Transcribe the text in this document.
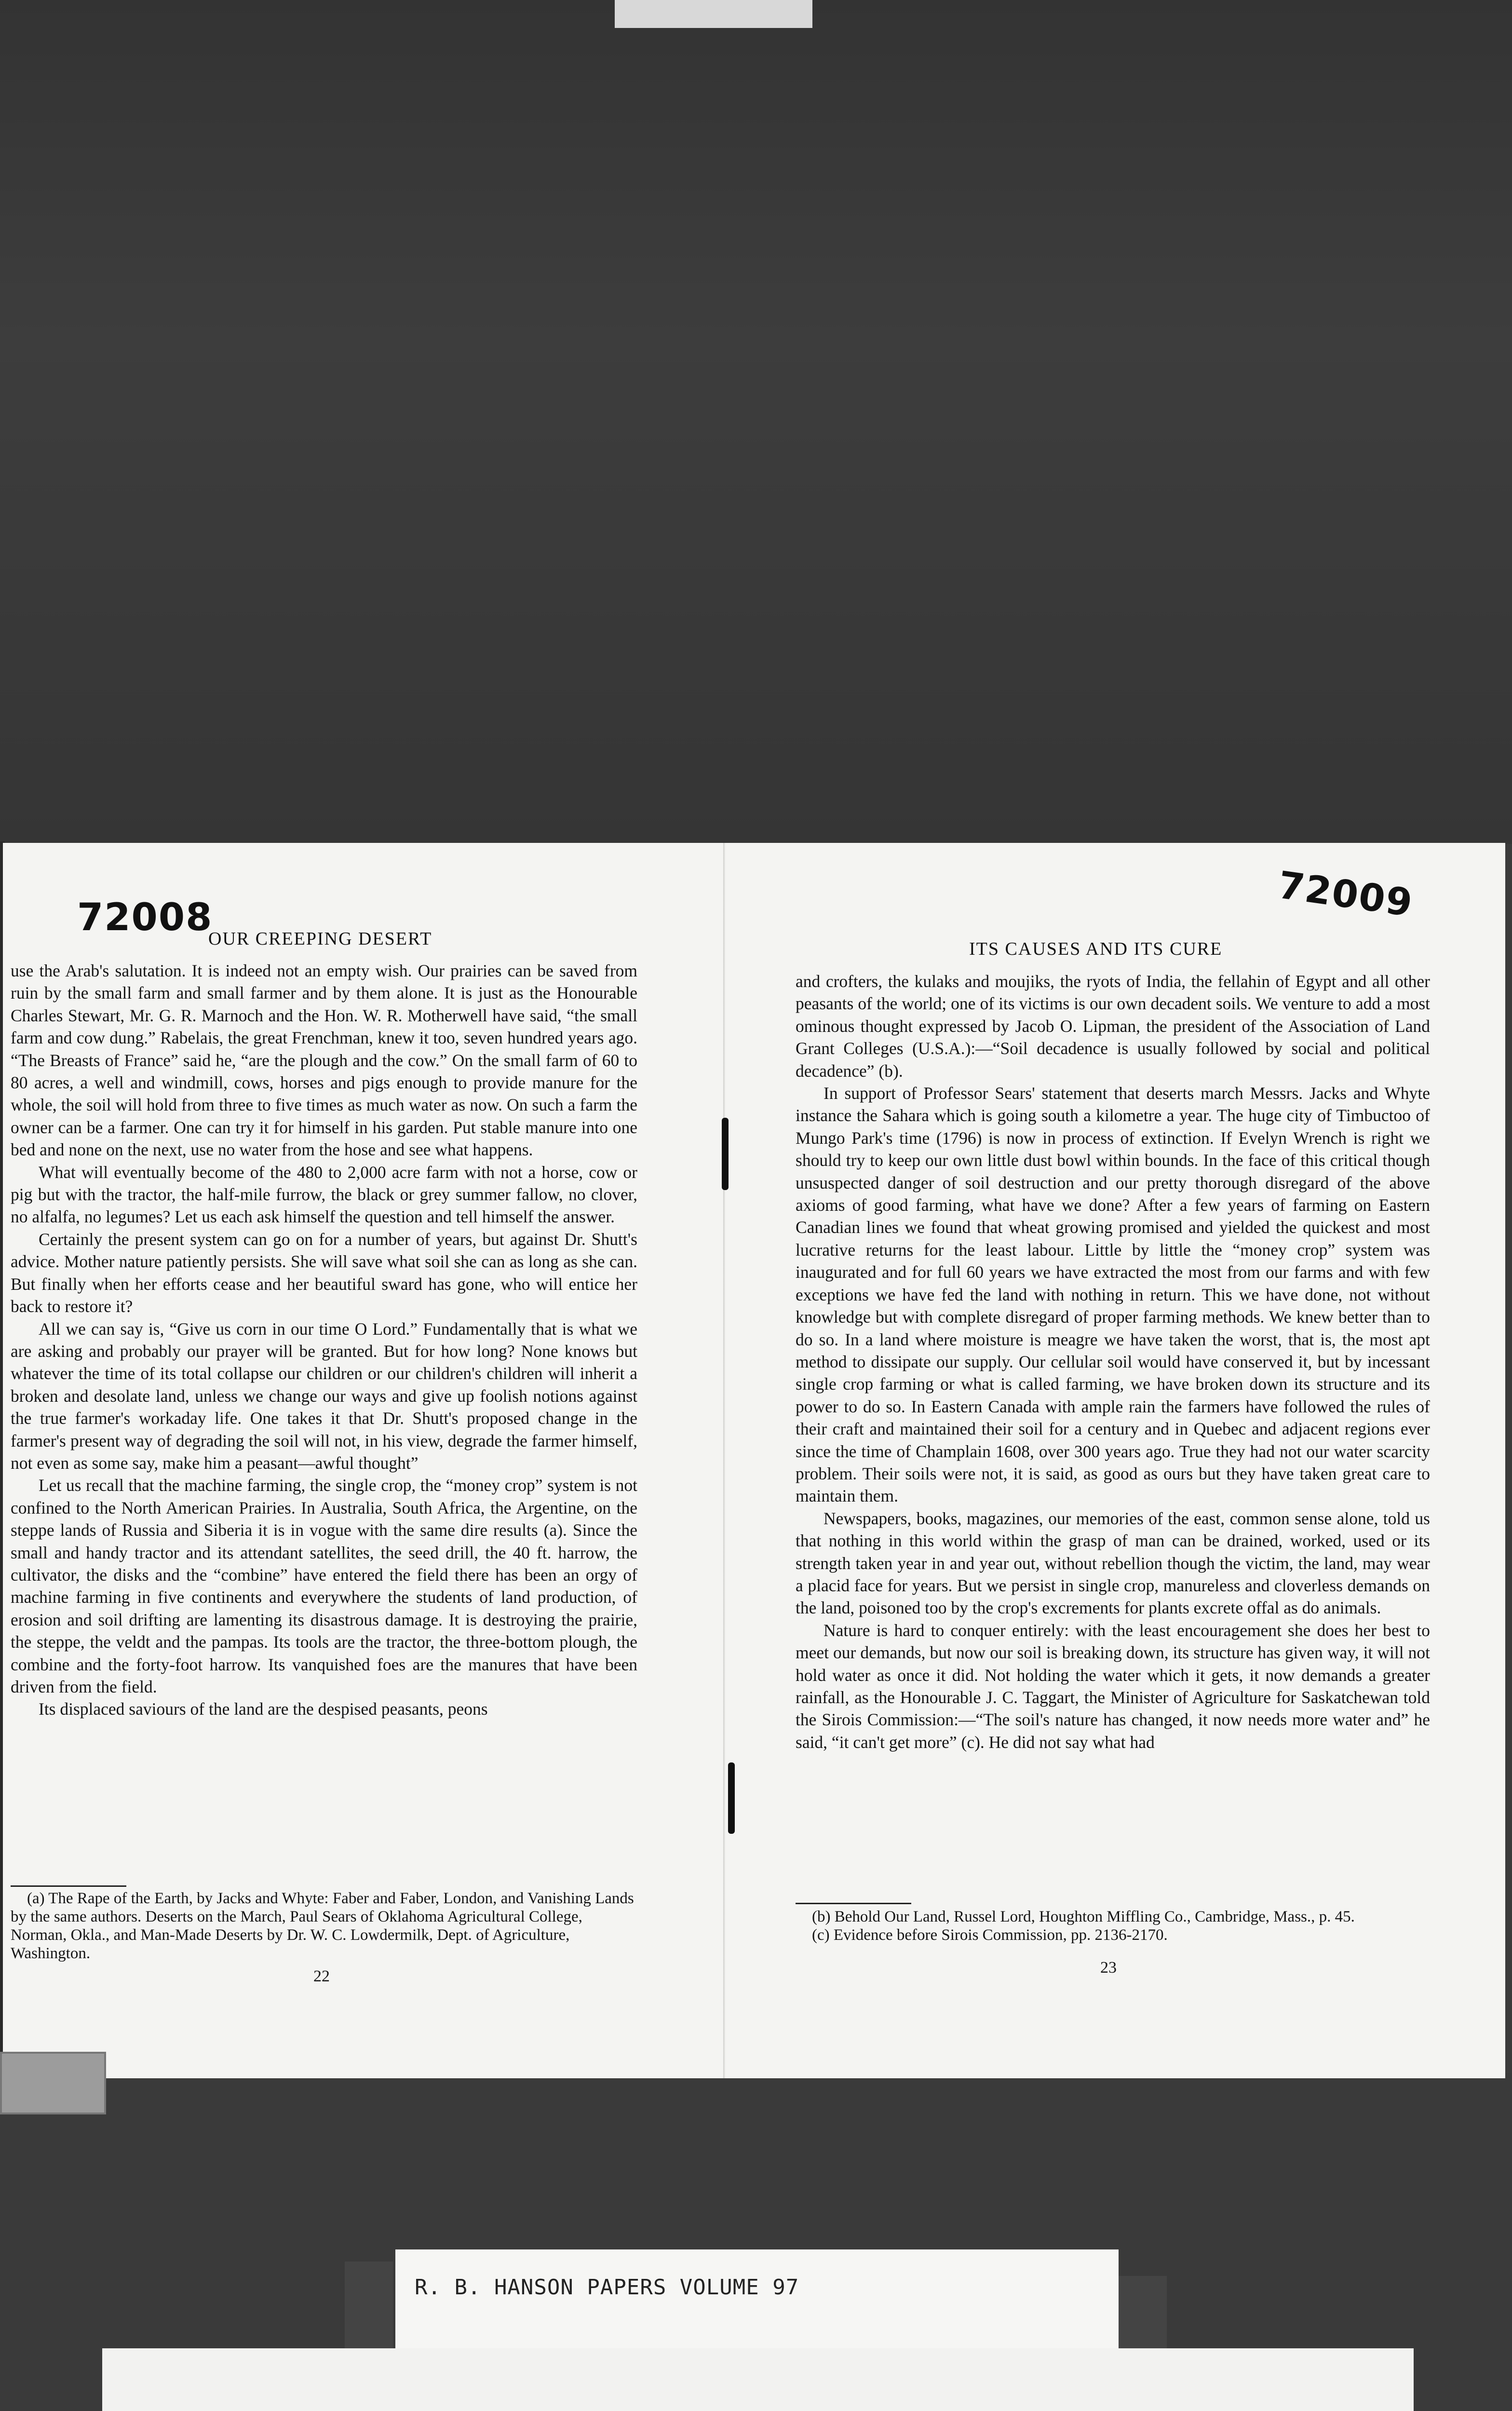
72008
OUR CREEPING DESERT

use the Arab's salutation. It is indeed not an empty wish. Our prairies can be saved from ruin by the small farm and small farmer and by them alone. It is just as the Honourable Charles Stewart, Mr. G. R. Marnoch and the Hon. W. R. Motherwell have said, “the small farm and cow dung.” Rabelais, the great Frenchman, knew it too, seven hundred years ago. “The Breasts of France” said he, “are the plough and the cow.” On the small farm of 60 to 80 acres, a well and windmill, cows, horses and pigs enough to provide manure for the whole, the soil will hold from three to five times as much water as now. On such a farm the owner can be a farmer. One can try it for himself in his garden. Put stable manure into one bed and none on the next, use no water from the hose and see what happens.

What will eventually become of the 480 to 2,000 acre farm with not a horse, cow or pig but with the tractor, the half-mile furrow, the black or grey summer fallow, no clover, no alfalfa, no legumes? Let us each ask himself the question and tell himself the answer.

Certainly the present system can go on for a number of years, but against Dr. Shutt's advice. Mother nature patiently persists. She will save what soil she can as long as she can. But finally when her efforts cease and her beautiful sward has gone, who will entice her back to restore it?

All we can say is, “Give us corn in our time O Lord.” Fundamentally that is what we are asking and probably our prayer will be granted. But for how long? None knows but whatever the time of its total collapse our children or our children's children will inherit a broken and desolate land, unless we change our ways and give up foolish notions against the true farmer's workaday life. One takes it that Dr. Shutt's proposed change in the farmer's present way of degrading the soil will not, in his view, degrade the farmer himself, not even as some say, make him a peasant—awful thought”

Let us recall that the machine farming, the single crop, the “money crop” system is not confined to the North American Prairies. In Australia, South Africa, the Argentine, on the steppe lands of Russia and Siberia it is in vogue with the same dire results (a). Since the small and handy tractor and its attendant satellites, the seed drill, the 40 ft. harrow, the cultivator, the disks and the “combine” have entered the field there has been an orgy of machine farming in five continents and everywhere the students of land production, of erosion and soil drifting are lamenting its disastrous damage. It is destroying the prairie, the steppe, the veldt and the pampas. Its tools are the tractor, the three-bottom plough, the combine and the forty-foot harrow. Its vanquished foes are the manures that have been driven from the field.

Its displaced saviours of the land are the despised peasants, peons

(a) The Rape of the Earth, by Jacks and Whyte: Faber and Faber, London, and Vanishing Lands by the same authors. Deserts on the March, Paul Sears of Oklahoma Agricultural College, Norman, Okla., and Man-Made Deserts by Dr. W. C. Lowdermilk, Dept. of Agriculture, Washington.

22
72009
ITS CAUSES AND ITS CURE

and crofters, the kulaks and moujiks, the ryots of India, the fellahin of Egypt and all other peasants of the world; one of its victims is our own decadent soils. We venture to add a most ominous thought expressed by Jacob O. Lipman, the president of the Association of Land Grant Colleges (U.S.A.):—“Soil decadence is usually followed by social and political decadence” (b).

In support of Professor Sears' statement that deserts march Messrs. Jacks and Whyte instance the Sahara which is going south a kilometre a year. The huge city of Timbuctoo of Mungo Park's time (1796) is now in process of extinction. If Evelyn Wrench is right we should try to keep our own little dust bowl within bounds. In the face of this critical though unsuspected danger of soil destruction and our pretty thorough disregard of the above axioms of good farming, what have we done? After a few years of farming on Eastern Canadian lines we found that wheat growing promised and yielded the quickest and most lucrative returns for the least labour. Little by little the “money crop” system was inaugurated and for full 60 years we have extracted the most from our farms and with few exceptions we have fed the land with nothing in return. This we have done, not without knowledge but with complete disregard of proper farming methods. We knew better than to do so. In a land where moisture is meagre we have taken the worst, that is, the most apt method to dissipate our supply. Our cellular soil would have conserved it, but by incessant single crop farming or what is called farming, we have broken down its structure and its power to do so. In Eastern Canada with ample rain the farmers have followed the rules of their craft and maintained their soil for a century and in Quebec and adjacent regions ever since the time of Champlain 1608, over 300 years ago. True they had not our water scarcity problem. Their soils were not, it is said, as good as ours but they have taken great care to maintain them.

Newspapers, books, magazines, our memories of the east, common sense alone, told us that nothing in this world within the grasp of man can be drained, worked, used or its strength taken year in and year out, without rebellion though the victim, the land, may wear a placid face for years. But we persist in single crop, manureless and cloverless demands on the land, poisoned too by the crop's excrements for plants excrete offal as do animals.

Nature is hard to conquer entirely: with the least encouragement she does her best to meet our demands, but now our soil is breaking down, its structure has given way, it will not hold water as once it did. Not holding the water which it gets, it now demands a greater rainfall, as the Honourable J. C. Taggart, the Minister of Agriculture for Saskatchewan told the Sirois Commission:—“The soil's nature has changed, it now needs more water and” he said, “it can't get more” (c). He did not say what had

(b) Behold Our Land, Russel Lord, Houghton Miffling Co., Cambridge, Mass., p. 45.

(c) Evidence before Sirois Commission, pp. 2136-2170.

23
R. B. HANSON PAPERS VOLUME 97
